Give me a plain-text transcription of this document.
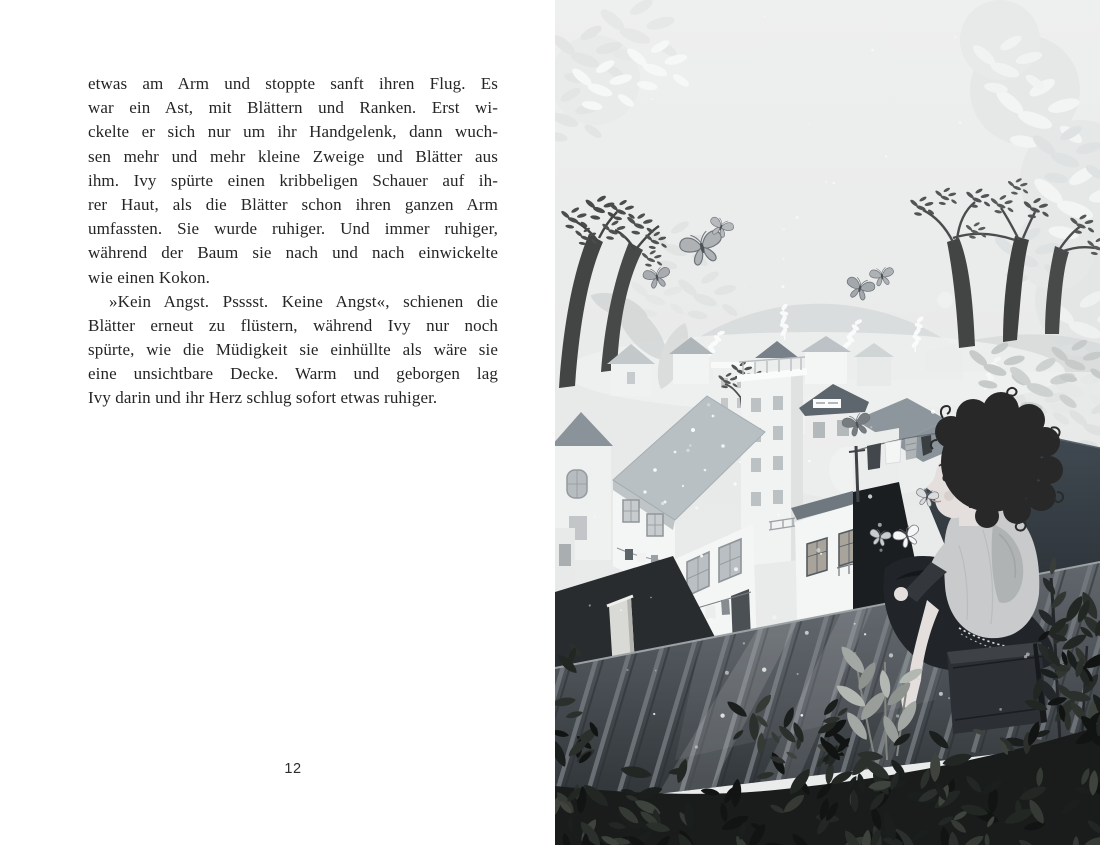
etwas am Arm und stoppte sanft ihren Flug. Es
war ein Ast, mit Blättern und Ranken. Erst wi-
ckelte er sich nur um ihr Handgelenk, dann wuch-
sen mehr und mehr kleine Zweige und Blätter aus
ihm. Ivy spürte einen kribbeligen Schauer auf ih-
rer Haut, als die Blätter schon ihren ganzen Arm
umfassten. Sie wurde ruhiger. Und immer ruhiger,
während der Baum sie nach und nach einwickelte
wie einen Kokon.
»Kein Angst. Psssst. Keine Angst«, schienen die
Blätter erneut zu flüstern, während Ivy nur noch
spürte, wie die Müdigkeit sie einhüllte als wäre sie
eine unsichtbare Decke. Warm und geborgen lag
Ivy darin und ihr Herz schlug sofort etwas ruhiger.
12
